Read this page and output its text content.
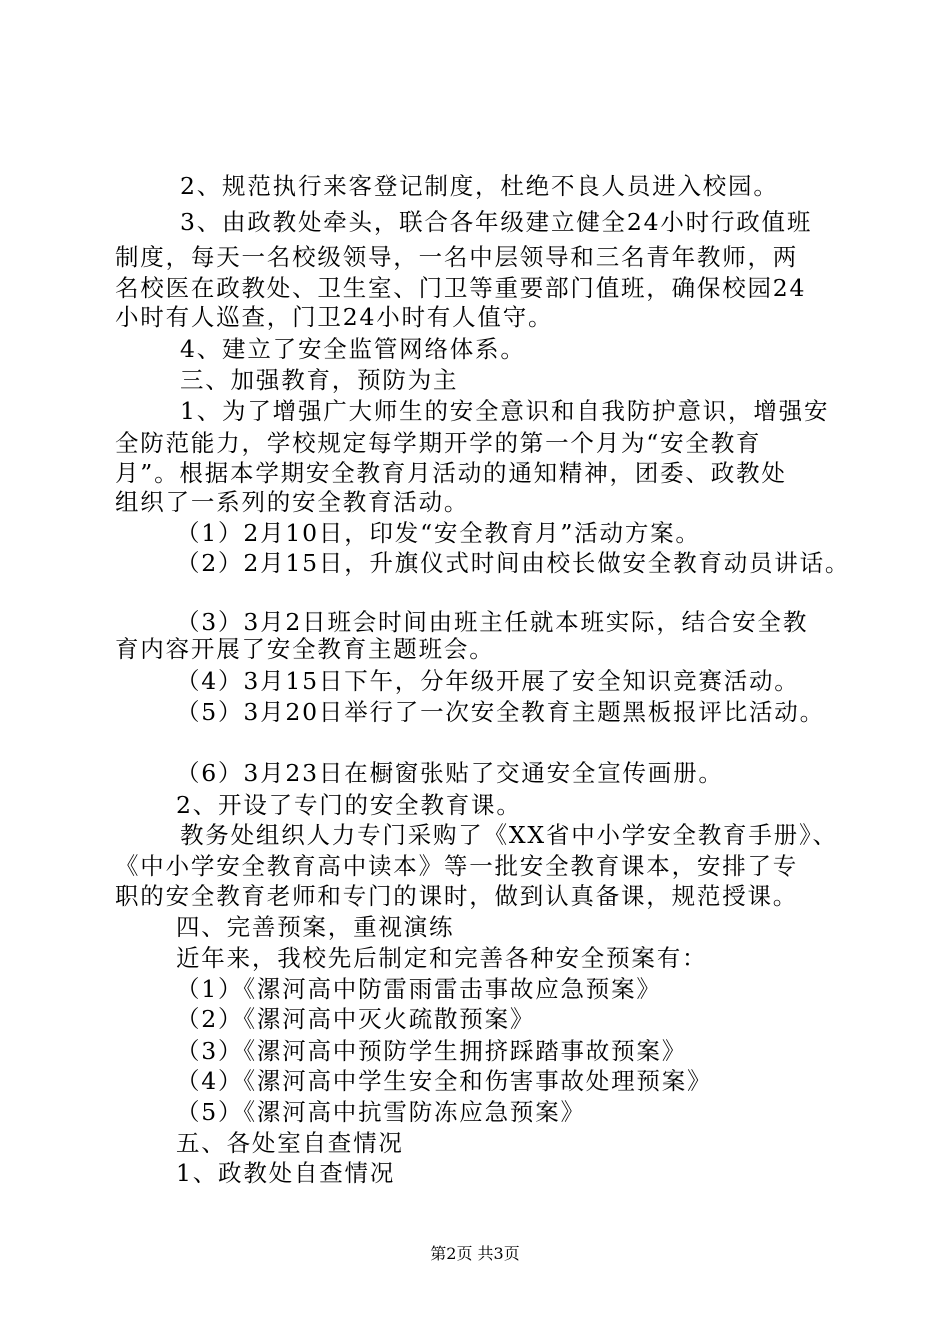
2、规范执行来客登记制度，杜绝不良人员进入校园。

3、由政教处牵头，联合各年级建立健全24小时行政值班

制度，每天一名校级领导，一名中层领导和三名青年教师，两

名校医在政教处、卫生室、门卫等重要部门值班，确保校园24

小时有人巡查，门卫24小时有人值守。

4、建立了安全监管网络体系。

三、加强教育，预防为主

1、为了增强广大师生的安全意识和自我防护意识，增强安

全防范能力，学校规定每学期开学的第一个月为“安全教育

月”。根据本学期安全教育月活动的通知精神，团委、政教处

组织了一系列的安全教育活动。

（1）2月10日，印发“安全教育月”活动方案。

（2）2月15日，升旗仪式时间由校长做安全教育动员讲话。

（3）3月2日班会时间由班主任就本班实际，结合安全教

育内容开展了安全教育主题班会。

（4）3月15日下午，分年级开展了安全知识竞赛活动。

（5）3月20日举行了一次安全教育主题黑板报评比活动。

（6）3月23日在橱窗张贴了交通安全宣传画册。

2、开设了专门的安全教育课。

教务处组织人力专门采购了《XX省中小学安全教育手册》、

《中小学安全教育高中读本》等一批安全教育课本，安排了专

职的安全教育老师和专门的课时，做到认真备课，规范授课。

四、完善预案，重视演练

近年来，我校先后制定和完善各种安全预案有：

（1）《漯河高中防雷雨雷击事故应急预案》

（2）《漯河高中灭火疏散预案》

（3）《漯河高中预防学生拥挤踩踏事故预案》

（4）《漯河高中学生安全和伤害事故处理预案》

（5）《漯河高中抗雪防冻应急预案》

五、各处室自查情况

1、政教处自查情况

第2页 共3页
